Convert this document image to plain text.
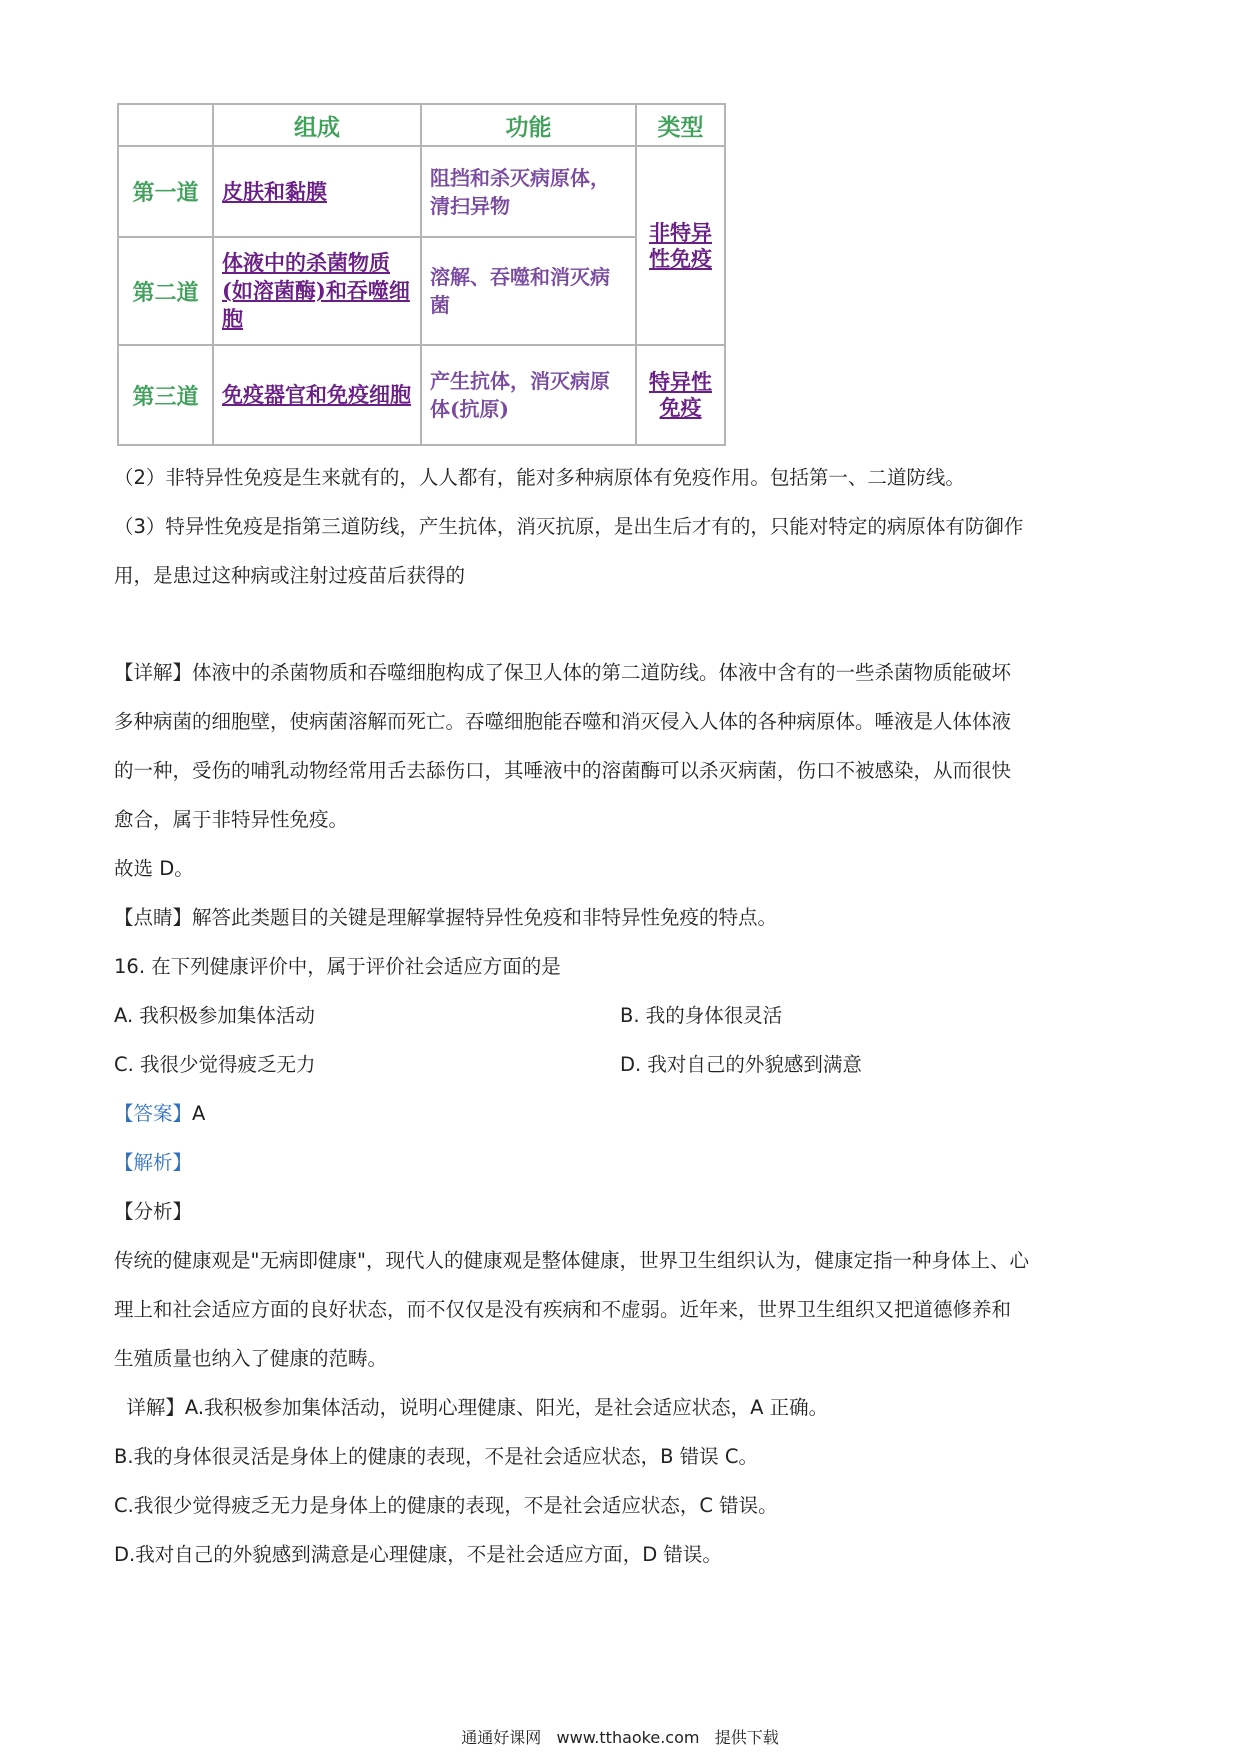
	组成	功能	类型
第一道	皮肤和黏膜	阻挡和杀灭病原体，清扫异物	非特异性免疫
第二道	体液中的杀菌物质(如溶菌酶)和吞噬细胞	溶解、吞噬和消灭病菌	
第三道	免疫器官和免疫细胞	产生抗体，消灭病原体(抗原)	特异性免疫
（2）非特异性免疫是生来就有的，人人都有，能对多种病原体有免疫作用。包括第一、二道防线。
（3）特异性免疫是指第三道防线，产生抗体，消灭抗原，是出生后才有的，只能对特定的病原体有防御作
用，是患过这种病或注射过疫苗后获得的
【详解】体液中的杀菌物质和吞噬细胞构成了保卫人体的第二道防线。体液中含有的一些杀菌物质能破坏
多种病菌的细胞壁，使病菌溶解而死亡。吞噬细胞能吞噬和消灭侵入人体的各种病原体。唾液是人体体液
的一种，受伤的哺乳动物经常用舌去舔伤口，其唾液中的溶菌酶可以杀灭病菌，伤口不被感染，从而很快
愈合，属于非特异性免疫。
故选 D。
【点睛】解答此类题目的关键是理解掌握特异性免疫和非特异性免疫的特点。
16. 在下列健康评价中，属于评价社会适应方面的是
A. 我积极参加集体活动	B. 我的身体很灵活
C. 我很少觉得疲乏无力	D. 我对自己的外貌感到满意
【答案】A
【解析】
【分析】
传统的健康观是"无病即健康"，现代人的健康观是整体健康，世界卫生组织认为，健康定指一种身体上、心
理上和社会适应方面的良好状态，而不仅仅是没有疾病和不虚弱。近年来，世界卫生组织又把道德修养和
生殖质量也纳入了健康的范畴。
详解】A.我积极参加集体活动，说明心理健康、阳光，是社会适应状态，A 正确。
B.我的身体很灵活是身体上的健康的表现，不是社会适应状态，B 错误 C。
C.我很少觉得疲乏无力是身体上的健康的表现，不是社会适应状态，C 错误。
D.我对自己的外貌感到满意是心理健康，不是社会适应方面，D 错误。
通通好课网 www.tthaoke.com 提供下载
